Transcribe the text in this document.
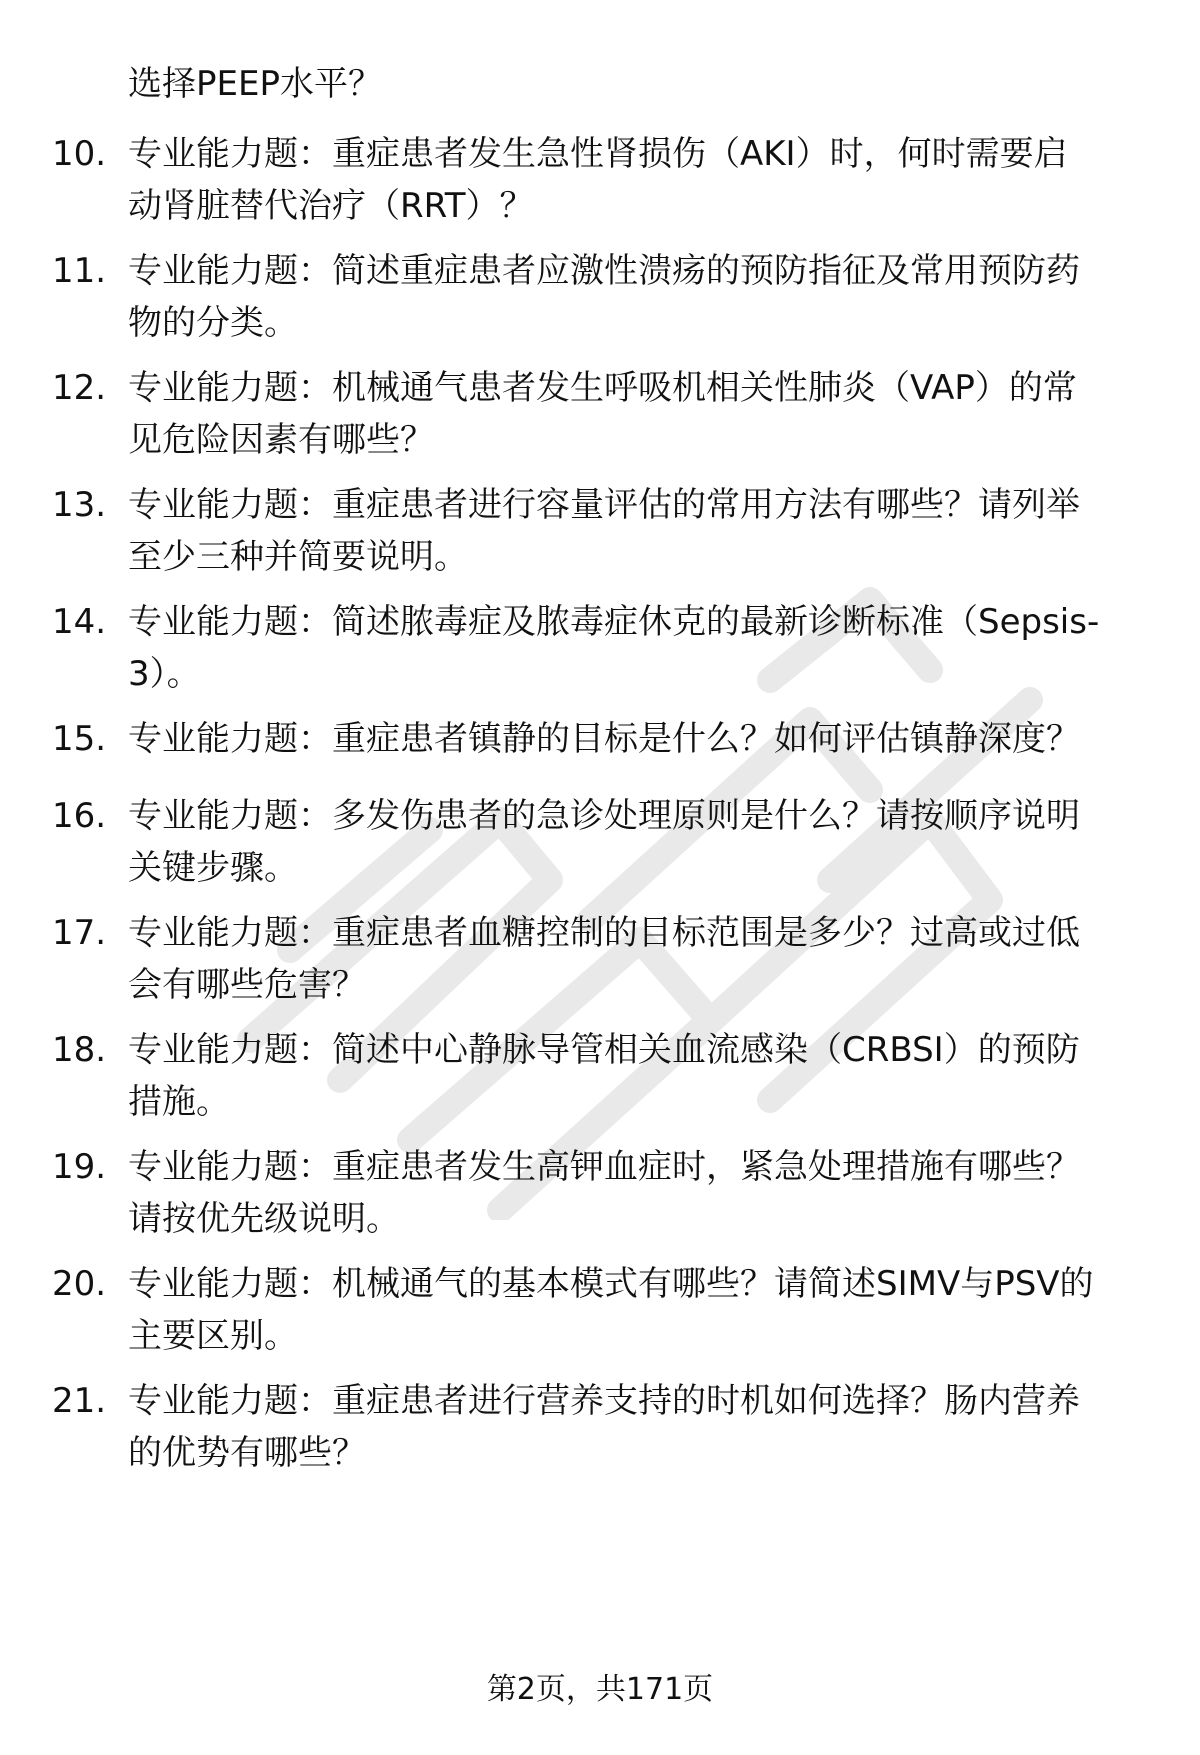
选择PEEP水平？
10. 专业能力题：重症患者发生急性肾损伤（AKI）时，何时需要启
动肾脏替代治疗（RRT）？
11. 专业能力题：简述重症患者应激性溃疡的预防指征及常用预防药
物的分类。
12. 专业能力题：机械通气患者发生呼吸机相关性肺炎（VAP）的常
见危险因素有哪些？
13. 专业能力题：重症患者进行容量评估的常用方法有哪些？请列举
至少三种并简要说明。
14. 专业能力题：简述脓毒症及脓毒症休克的最新诊断标准（Sepsis-
3）。
15. 专业能力题：重症患者镇静的目标是什么？如何评估镇静深度？
16. 专业能力题：多发伤患者的急诊处理原则是什么？请按顺序说明
关键步骤。
17. 专业能力题：重症患者血糖控制的目标范围是多少？过高或过低
会有哪些危害？
18. 专业能力题：简述中心静脉导管相关血流感染（CRBSI）的预防
措施。
19. 专业能力题：重症患者发生高钾血症时，紧急处理措施有哪些？
请按优先级说明。
20. 专业能力题：机械通气的基本模式有哪些？请简述SIMV与PSV的
主要区别。
21. 专业能力题：重症患者进行营养支持的时机如何选择？肠内营养
的优势有哪些？
第2页，共171页
